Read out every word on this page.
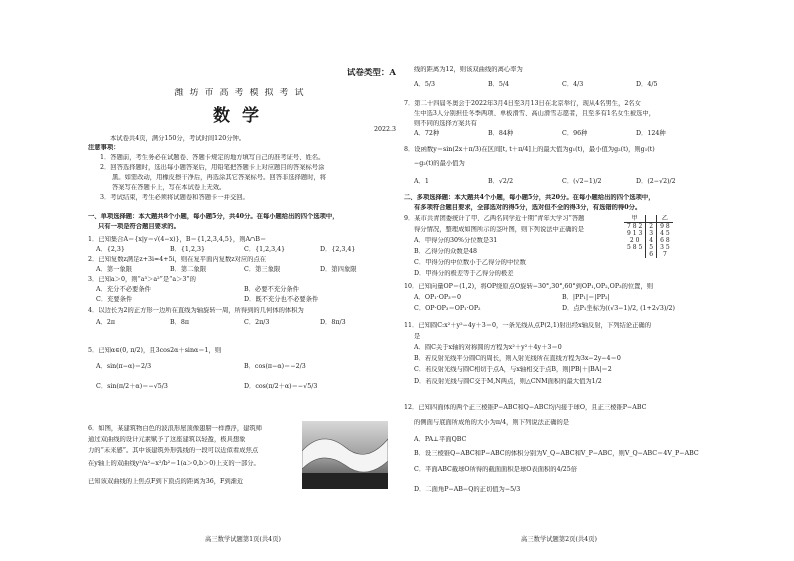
试卷类型：A
潍坊市高考模拟考试
数学
2022.3
本试卷共4页，满分150分，考试时间120分钟。
注意事项：
1．答题前，考生务必在试题卷、答题卡规定的地方填写自己的准考证号、姓名。
2．回答选择题时，选出每小题答案后，用铅笔把答题卡上对应题目的答案标号涂
黑。如需改动，用橡皮擦干净后，再选涂其它答案标号。回答非选择题时，将
答案写在答题卡上，写在本试卷上无效。
3．考试结束，考生必须将试题卷和答题卡一并交回。
一、单项选择题：本大题共8个小题，每小题5分，共40分。在每小题给出的四个选项中，
只有一项是符合题目要求的。
1．已知集合A＝{x|y＝√(4−x)}，B＝{1,2,3,4,5}，则A∩B＝
A．{2,3}	B．{1,2,3}	C．{1,2,3,4}	D．{2,3,4}
2．已知复数z满足z+3i=4+5i，则在复平面内复数z对应的点在
A．第一象限	B．第二象限	C．第三象限	D．第四象限
3．已知a＞0，则“a³＞a²”是“a＞3”的
A．充分不必要条件	B．必要不充分条件
C．充要条件	D．既不充分也不必要条件
4．以边长为2的正方形一边所在直线为轴旋转一周，所得到的几何体的体积为
A．2π	B．8π	C．2π/3	D．8π/3
5．已知α∈(0, π/2)，且3cos2α＋sinα＝1，则
A．sin(π−α)＝2/3	B．cos(π−α)＝−2/3
C．sin(π/2＋α)＝−√5/3	D．cos(π/2＋α)＝−√5/3
6．如图，某建筑物白色的波浪形屋顶像翅膀一样漂浮，建筑师
通过双曲线的设计元素赋予了这座建筑以轻盈，极具想象
力的“未来感”。其中该建筑外形弧线的一段可以近似看成焦点
在y轴上的双曲线y²/a²−x²/b²＝1(a＞0,b＞0)上支的一部分。
已知该双曲线的上焦点F到下顶点的距离为36，F到渐近
高三数学试题第1页(共4页)
线的距离为12，则该双曲线的离心率为
A．5/3	B．5/4	C．4/3	D．4/5
7．第二十四届冬奥会于2022年3月4日至3月13日在北京举行，现从4名男生，2名女
生中选3人分别担任冬季两项、单板滑雪、高山滑雪志愿者，且至多有1名女生被选中，
则不同的选择方案共有
A．72种	B．84种	C．96种	D．124种
8．设函数y＝sin(2x＋π/3)在区间[t, t＋π/4]上的最大值为g₁(t)，最小值为g₂(t)，则g₁(t)
−g₂(t)的最小值为
A．1	B．√2/2	C．(√2−1)/2	D．(2−√2)/2
二、多项选择题：本大题共4个小题，每小题5分，共20分。在每小题给出的四个选项中，
有多项符合题目要求，全部选对的得5分，选对但不全的得3分，有选错的得0分。
9．某市共青团委统计了甲、乙两名同学近十期“青年大学习”答题
得分情况，整理成如图所示的茎叶图，则下列说法中正确的是
A．甲得分的30%分位数是31
B．乙得分的众数是48
C．甲得分的中位数小于乙得分的中位数
D．甲得分的极差等于乙得分的极差
甲		乙
7 8 2	2	9 8
9 1 3	3	4 5
2 0	4	6 8
5 8 5	5	3 5
	6	7
10．已知向量OP＝(1,2)，将OP绕原点O旋转−30°,30°,60°到OP₁,OP₂,OP₃的位置，则
A．OP₁·OP₃＝0	B．|PP₁|＝|PP₂|
C．OP·OP₃＝OP₁·OP₂	D．点P₁坐标为((√3−1)/2, (1+2√3)/2)
11．已知圆C:x²＋y²−4y＋3＝0，一条光线从点P(2,1)射出经x轴反射，下列结论正确的
是
A．圆C关于x轴的对称圆的方程为x²＋y²＋4y＋3＝0
B．若反射光线平分圆C的周长，则入射光线所在直线方程为3x−2y−4＝0
C．若反射光线与圆C相切于点A，与x轴相交于点B，则|PB|＋|BA|＝2
D．若反射光线与圆C交于M,N两点，则△CNM面积的最大值为1/2
12．已知四面体的两个正三棱锥P−ABC和Q−ABC均内接于球O，且正三棱锥P−ABC
的侧面与底面所成角的大小为π/4，则下列说法正确的是
A．PA⊥平面QBC
B．设三棱锥Q−ABC和P−ABC的体积分别为V_Q−ABC和V_P−ABC，则V_Q−ABC＝4V_P−ABC
C．平面ABC截球O所得的截面面积是球O表面积的4/25倍
D．二面角P−AB−Q的正切值为−5/3
高三数学试题第2页(共4页)
